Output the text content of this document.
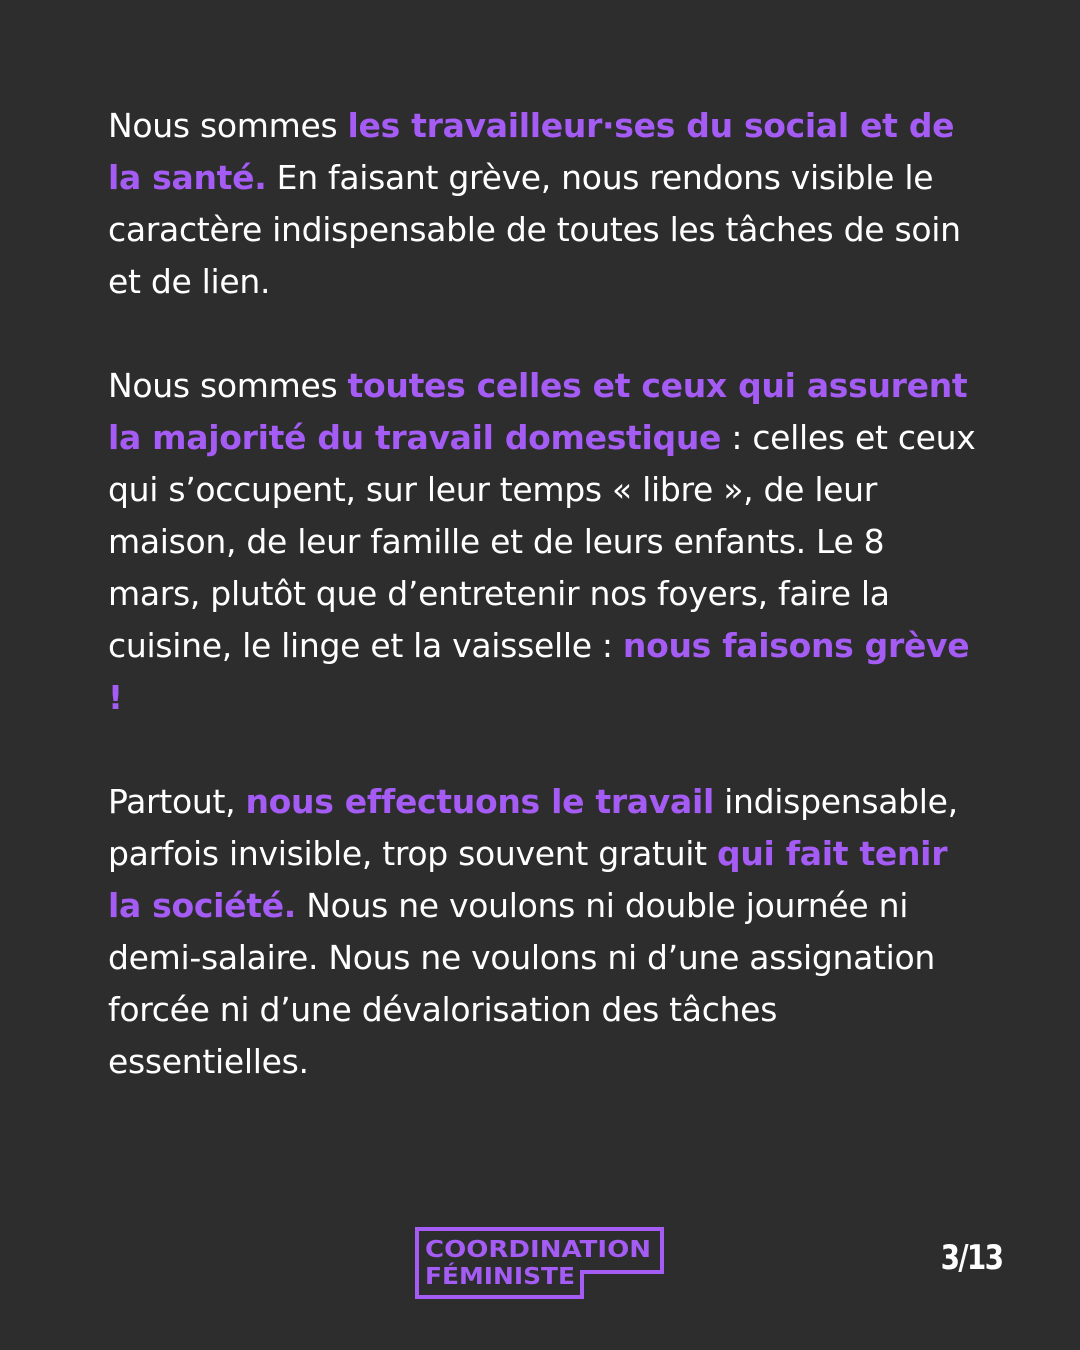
Nous sommes les travailleur·ses du social et de la santé. En faisant grève, nous rendons visible le caractère indispensable de toutes les tâches de soin et de lien.

Nous sommes toutes celles et ceux qui assurent la majorité du travail domestique : celles et ceux qui s’occupent, sur leur temps « libre », de leur maison, de leur famille et de leurs enfants. Le 8 mars, plutôt que d’entretenir nos foyers, faire la cuisine, le linge et la vaisselle : nous faisons grève !

Partout, nous effectuons le travail indispensable, parfois invisible, trop souvent gratuit qui fait tenir la société. Nous ne voulons ni double journée ni demi-salaire. Nous ne voulons ni d’une assignation forcée ni d’une dévalorisation des tâches essentielles.

COORDINATION
FÉMINISTE	3/13
